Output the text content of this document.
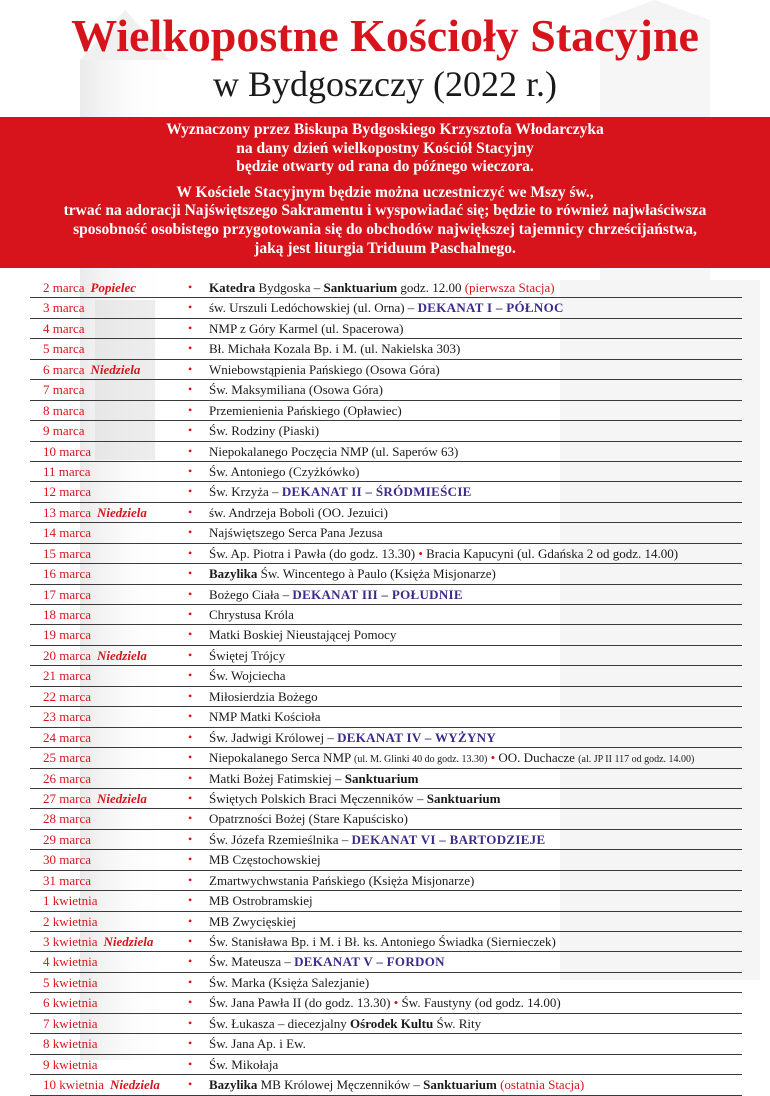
Wielkopostne Kościoły Stacyjne
w Bydgoszczy (2022 r.)

Wyznaczony przez Biskupa Bydgoskiego Krzysztofa Włodarczyka
na dany dzień wielkopostny Kościół Stacyjny
będzie otwarty od rana do późnego wieczora.

W Kościele Stacyjnym będzie można uczestniczyć we Mszy św.,
trwać na adoracji Najświętszego Sakramentu i wyspowiadać się; będzie to również najwłaściwsza
sposobność osobistego przygotowania się do obchodów największej tajemnicy chrześcijaństwa,
jaką jest liturgia Triduum Paschalnego.

2 marca Popielec	• Katedra Bydgoska – Sanktuarium godz. 12.00 (pierwsza Stacja)
3 marca	• św. Urszuli Ledóchowskiej (ul. Orna) – DEKANAT I – PÓŁNOC
4 marca	• NMP z Góry Karmel (ul. Spacerowa)
5 marca	• Bł. Michała Kozala Bp. i M. (ul. Nakielska 303)
6 marca Niedziela	• Wniebowstąpienia Pańskiego (Osowa Góra)
7 marca	• Św. Maksymiliana (Osowa Góra)
8 marca	• Przemienienia Pańskiego (Opławiec)
9 marca	• Św. Rodziny (Piaski)
10 marca	• Niepokalanego Poczęcia NMP (ul. Saperów 63)
11 marca	• Św. Antoniego (Czyżkówko)
12 marca	• Św. Krzyża – DEKANAT II – ŚRÓDMIEŚCIE
13 marca Niedziela	• św. Andrzeja Boboli (OO. Jezuici)
14 marca	• Najświętszego Serca Pana Jezusa
15 marca	• Św. Ap. Piotra i Pawła (do godz. 13.30) • Bracia Kapucyni (ul. Gdańska 2 od godz. 14.00)
16 marca	• Bazylika Św. Wincentego à Paulo (Księża Misjonarze)
17 marca	• Bożego Ciała – DEKANAT III – POŁUDNIE
18 marca	• Chrystusa Króla
19 marca	• Matki Boskiej Nieustającej Pomocy
20 marca Niedziela	• Świętej Trójcy
21 marca	• Św. Wojciecha
22 marca	• Miłosierdzia Bożego
23 marca	• NMP Matki Kościoła
24 marca	• Św. Jadwigi Królowej – DEKANAT IV – WYŻYNY
25 marca	• Niepokalanego Serca NMP (ul. M. Glinki 40 do godz. 13.30) • OO. Duchacze (al. JP II 117 od godz. 14.00)
26 marca	• Matki Bożej Fatimskiej – Sanktuarium
27 marca Niedziela	• Świętych Polskich Braci Męczenników – Sanktuarium
28 marca	• Opatrzności Bożej (Stare Kapuścisko)
29 marca	• Św. Józefa Rzemieślnika – DEKANAT VI – BARTODZIEJE
30 marca	• MB Częstochowskiej
31 marca	• Zmartwychwstania Pańskiego (Księża Misjonarze)
1 kwietnia	• MB Ostrobramskiej
2 kwietnia	• MB Zwycięskiej
3 kwietnia Niedziela	• Św. Stanisława Bp. i M. i Bł. ks. Antoniego Świadka (Siernieczek)
4 kwietnia	• Św. Mateusza – DEKANAT V – FORDON
5 kwietnia	• Św. Marka (Księża Salezjanie)
6 kwietnia	• Św. Jana Pawła II (do godz. 13.30) • Św. Faustyny (od godz. 14.00)
7 kwietnia	• Św. Łukasza – diecezjalny Ośrodek Kultu Św. Rity
8 kwietnia	• Św. Jana Ap. i Ew.
9 kwietnia	• Św. Mikołaja
10 kwietnia Niedziela • Bazylika MB Królowej Męczenników – Sanktuarium (ostatnia Stacja)
